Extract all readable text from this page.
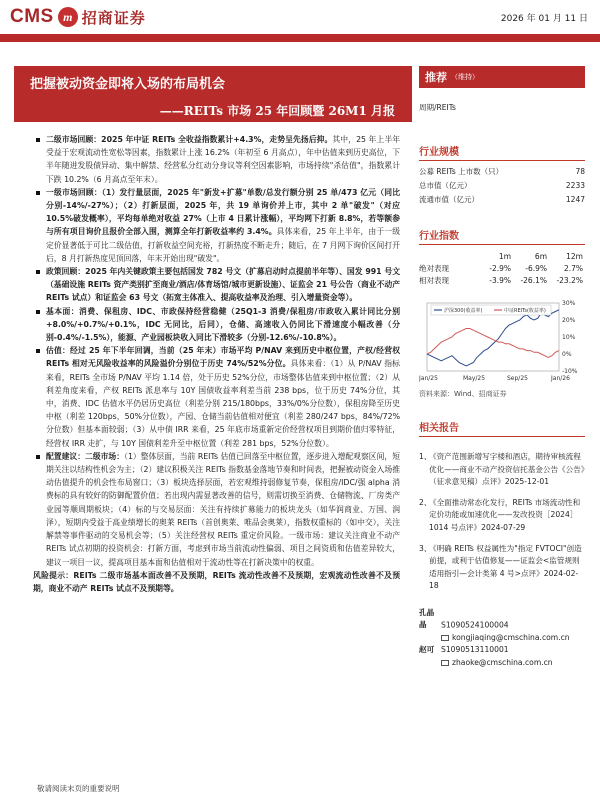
CMS m 招商证券	2026 年 01 月 11 日
把握被动资金即将入场的布局机会
——REITs 市场 25 年回顾暨 26M1 月报
二级市场回顾：2025 年中证 REITs 全收益指数累计+4.3%，走势呈先扬后抑。其中，25 年上半年受益于宏观流动性宽松等因素，指数累计上涨 16.2%（年初至 6 月高点），年中估值来到历史高位，下半年随进发股债异动、集中解禁、经营私分红动分身议等利空因素影响，市场持续"杀估值"，指数累计下跌 10.2%（6 月高点至年末）。
一级市场回顾：（1）发行量层面，2025 年"新发+扩募"单数/总发行额分别 25 单/473 亿元（同比分别-14%/-27%）；（2）打新层面，2025 年，共 19 单询价并上市，其中 2 单"破发"（对应 10.5%破发概率），平均每单绝对收益 27%（上市 4 日累计涨幅），平均网下打新 8.8%，若等额参与所有项目询价且报价全部入围，测算全年打新收益率约 3.4%。具体来看，25 年上半年，由于一级定价显著低于可比二级估值，打新收益空间充裕，打新热度不断走升；随后，在 7 月网下询价区间打开后，8 月打新热度见顶回落，年末开始出现"破发"。
政策回顾：2025 年内关键政策主要包括国发 782 号文（扩募启动时点提前半年等）、国发 991 号文（基础设施 REITs 资产类别扩至商业/酒店/体育场馆/城市更新设施）、证监会 21 号公告（商业不动产 REITs 试点）和证监会 63 号文（拓宽主体准入、提高收益率及治理、引入增量资金等）。
基本面：消费、保租房、IDC、市政保持经营稳健（25Q1-3 消费/保租房/市政收入累计同比分别+8.0%/+0.7%/+0.1%，IDC 无同比，后同），仓储、高速收入仍同比下滑速度小幅改善（分别-0.4%/-1.5%），能源、产业园板块收入同比下滑较多（分别-12.6%/-10.8%）。
估值：经过 25 年下半年回调，当前（25 年末）市场平均 P/NAV 来到历史中枢位置，产权/经营权 REITs 相对无风险收益率的风险溢价分别位于历史 74%/52%分位。具体来看：（1）从 P/NAV 指标来看，REITs 全市场 P/NAV 平均 1.14 倍，处于历史 52%分位，市场整体估值来到中枢位置；（2）从利差角度来看，产权 REITs 派息率与 10Y 国债收益率利差当前 238 bps，位于历史 74%分位，其中，消费、IDC 估值水平仍居历史高位（利差分别 215/180bps，33%/0%分位数），保租房降至历史中枢（利差 120bps，50%分位数），产园、仓储当前估值相对便宜（利差 280/247 bps，84%/72%分位数）但基本面较弱；（3）从中债 IRR 来看，25 年底市场重新定价经营权项目到期价值归零特征，经营权 IRR 走扩，与 10Y 国债利差升至中枢位置（利差 281 bps，52%分位数）。
配置建议：二级市场：（1）整体层面，当前 REITs 估值已回落至中枢位置，逐步进入增配观察区间，短期关注以结构性机会为主；（2）建议积极关注 REITs 指数基金落地节奏和时间表，把握被动资金入场推动估值提升的机会性布局窗口；（3）板块选择层面，若宏观维持弱修复节奏，保租房/IDC/强 alpha 消费标的具有较好的防御配置价值；若出现内需显著改善的信号，则需切换至消费、仓储物流、厂房类产业园等顺周期板块；（4）标的与交易层面：关注有持续扩募能力的板块龙头（如华润商业、万国、润泽），短期内受益于高业绩增长的奥莱 REITs（首创奥莱、唯品会奥莱），指数权重标的（如中交），关注解禁等事件驱动的交易机会等；（5）关注经营权 REITs 重定价风险。一级市场：建议关注商业不动产 REITs 试点初期的投资机会：打新方面，考虑到市场当前流动性偏弱、项目之间资质和估值差异较大，建议一项目一议，提高项目基本面和估值相对于流动性等在打新决策中的权重。
风险提示：REITs 二级市场基本面改善不及预期，REITs 流动性改善不及预期，宏观流动性改善不及预期，商业不动产 REITs 试点不及预期等。
推荐 （维持）
周期/REITs
行业规模
公募 REITs 上市数（只）	78
总市值（亿元）	2233
流通市值（亿元）	1247
行业指数
1m	6m	12m
绝对表现	-2.9%	-6.9%	2.7%
相对表现	-3.9%	-26.1%	-23.2%
30%
20%
10%
0%
-10%
Jan/25	May/25	Sep/25	Jan/26
沪深300(收益率)	中证REITs(收益率)
资料来源：Wind、招商证券
相关报告
1、
《资产范围新增写字楼和酒店，期待审核流程优化——商业不动产投资信托基金公告《公告》（征求意见稿）点评》2025-12-01
2、
《全面推动常态化发行，REITs 市场流动性和定价功能或加速优化——发改投资［2024］1014 号点评》2024-07-29
3、
《明确 REITs 权益属性为"指定 FVTOCI"创造前提，或利于估值修复——证监会<监管规则适用指引—会计类第 4 号>点评》2024-02-18
孔晶晶 S1090524100004
kongjiaqing@cmschina.com.cn
赵可 S1090513110001
zhaoke@cmschina.com.cn
敬请阅读末页的重要说明
